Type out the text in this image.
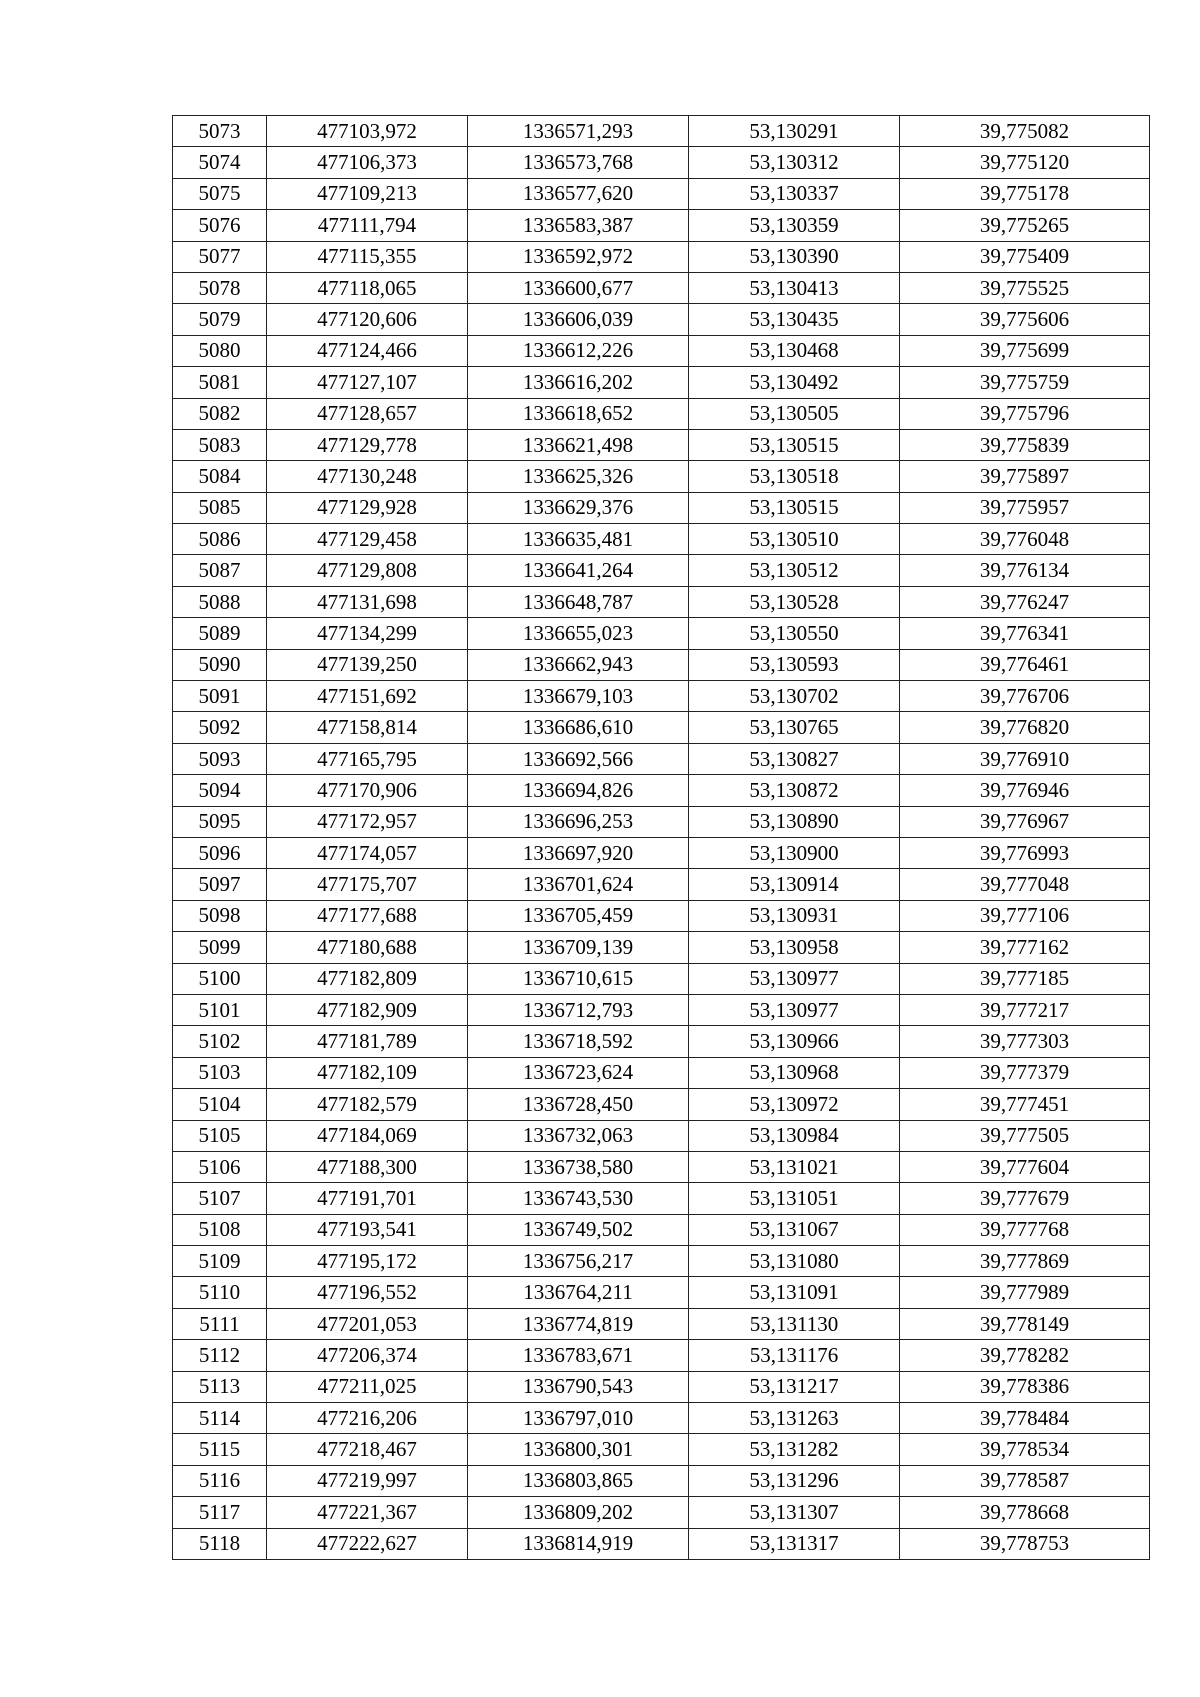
5073	477103,972	1336571,293	53,130291	39,775082
5074	477106,373	1336573,768	53,130312	39,775120
5075	477109,213	1336577,620	53,130337	39,775178
5076	477111,794	1336583,387	53,130359	39,775265
5077	477115,355	1336592,972	53,130390	39,775409
5078	477118,065	1336600,677	53,130413	39,775525
5079	477120,606	1336606,039	53,130435	39,775606
5080	477124,466	1336612,226	53,130468	39,775699
5081	477127,107	1336616,202	53,130492	39,775759
5082	477128,657	1336618,652	53,130505	39,775796
5083	477129,778	1336621,498	53,130515	39,775839
5084	477130,248	1336625,326	53,130518	39,775897
5085	477129,928	1336629,376	53,130515	39,775957
5086	477129,458	1336635,481	53,130510	39,776048
5087	477129,808	1336641,264	53,130512	39,776134
5088	477131,698	1336648,787	53,130528	39,776247
5089	477134,299	1336655,023	53,130550	39,776341
5090	477139,250	1336662,943	53,130593	39,776461
5091	477151,692	1336679,103	53,130702	39,776706
5092	477158,814	1336686,610	53,130765	39,776820
5093	477165,795	1336692,566	53,130827	39,776910
5094	477170,906	1336694,826	53,130872	39,776946
5095	477172,957	1336696,253	53,130890	39,776967
5096	477174,057	1336697,920	53,130900	39,776993
5097	477175,707	1336701,624	53,130914	39,777048
5098	477177,688	1336705,459	53,130931	39,777106
5099	477180,688	1336709,139	53,130958	39,777162
5100	477182,809	1336710,615	53,130977	39,777185
5101	477182,909	1336712,793	53,130977	39,777217
5102	477181,789	1336718,592	53,130966	39,777303
5103	477182,109	1336723,624	53,130968	39,777379
5104	477182,579	1336728,450	53,130972	39,777451
5105	477184,069	1336732,063	53,130984	39,777505
5106	477188,300	1336738,580	53,131021	39,777604
5107	477191,701	1336743,530	53,131051	39,777679
5108	477193,541	1336749,502	53,131067	39,777768
5109	477195,172	1336756,217	53,131080	39,777869
5110	477196,552	1336764,211	53,131091	39,777989
5111	477201,053	1336774,819	53,131130	39,778149
5112	477206,374	1336783,671	53,131176	39,778282
5113	477211,025	1336790,543	53,131217	39,778386
5114	477216,206	1336797,010	53,131263	39,778484
5115	477218,467	1336800,301	53,131282	39,778534
5116	477219,997	1336803,865	53,131296	39,778587
5117	477221,367	1336809,202	53,131307	39,778668
5118	477222,627	1336814,919	53,131317	39,778753
